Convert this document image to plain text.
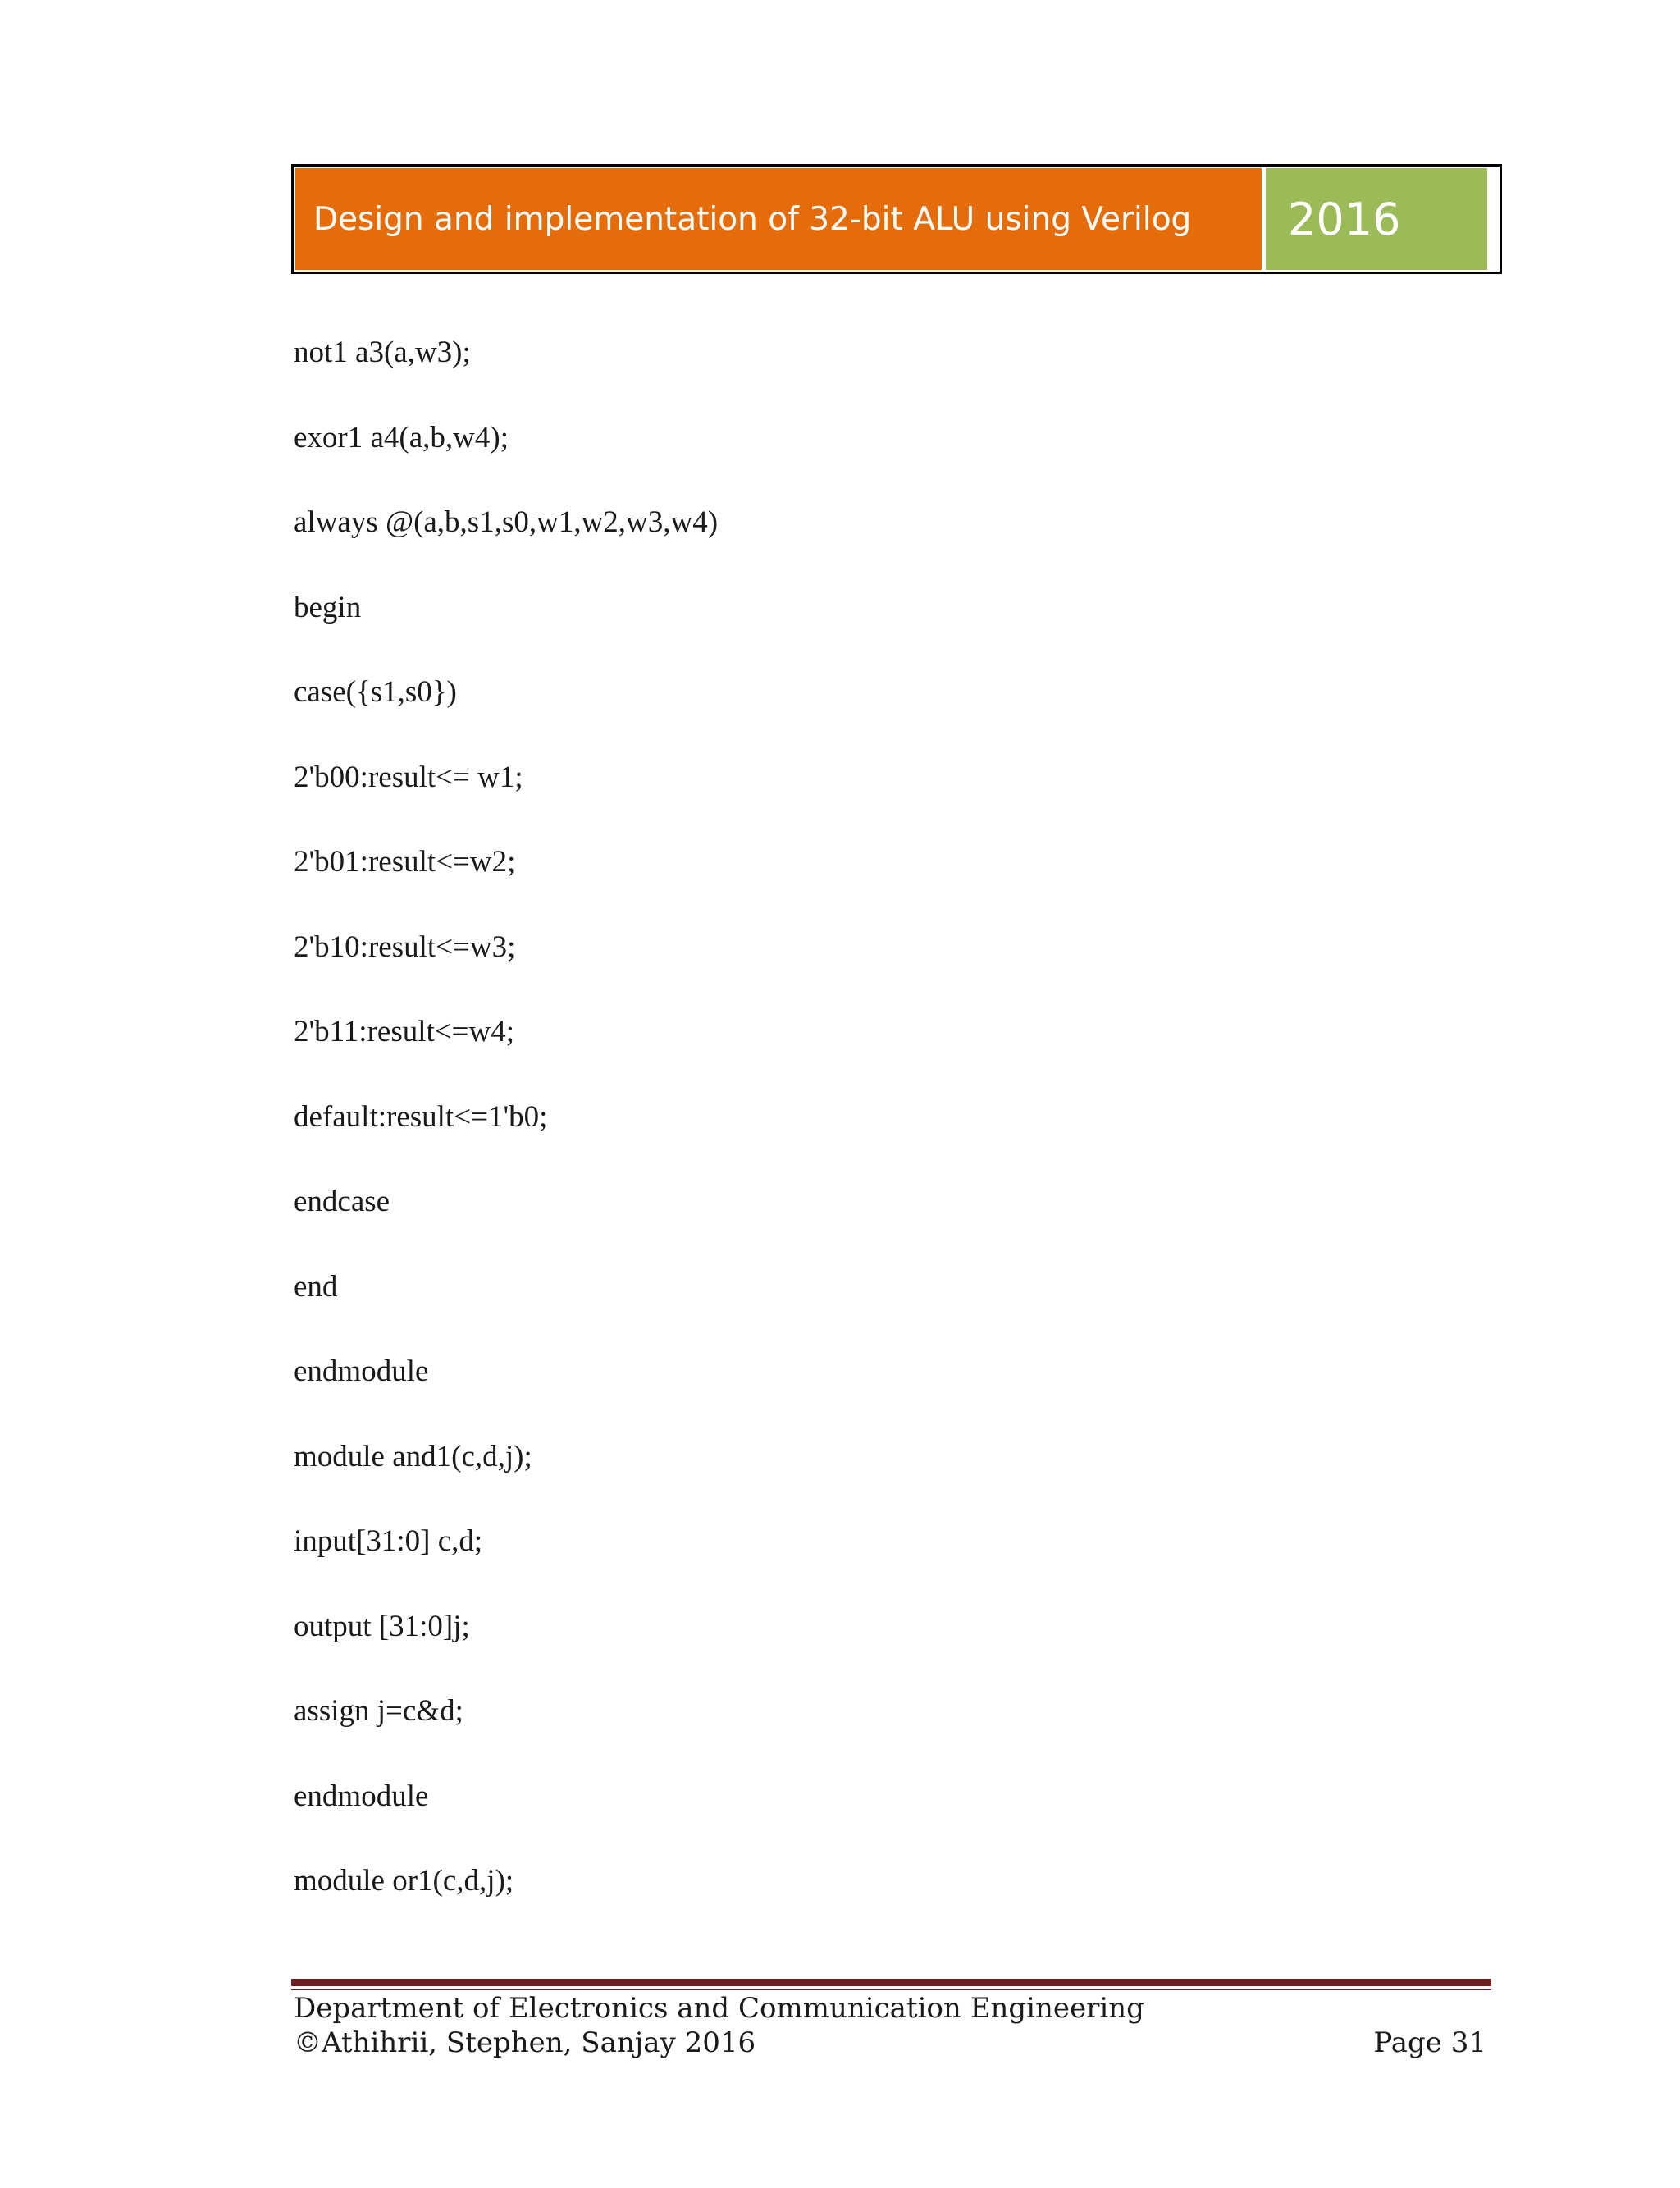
Design and implementation of 32-bit ALU using Verilog 2016
not1 a3(a,w3);
exor1 a4(a,b,w4);
always @(a,b,s1,s0,w1,w2,w3,w4)
begin
case({s1,s0})
2'b00:result<= w1;
2'b01:result<=w2;
2'b10:result<=w3;
2'b11:result<=w4;
default:result<=1'b0;
endcase
end
endmodule
module and1(c,d,j);
input[31:0] c,d;
output [31:0]j;
assign j=c&d;
endmodule
module or1(c,d,j);
Department of Electronics and Communication Engineering
©Athihrii, Stephen, Sanjay 2016	Page 31
